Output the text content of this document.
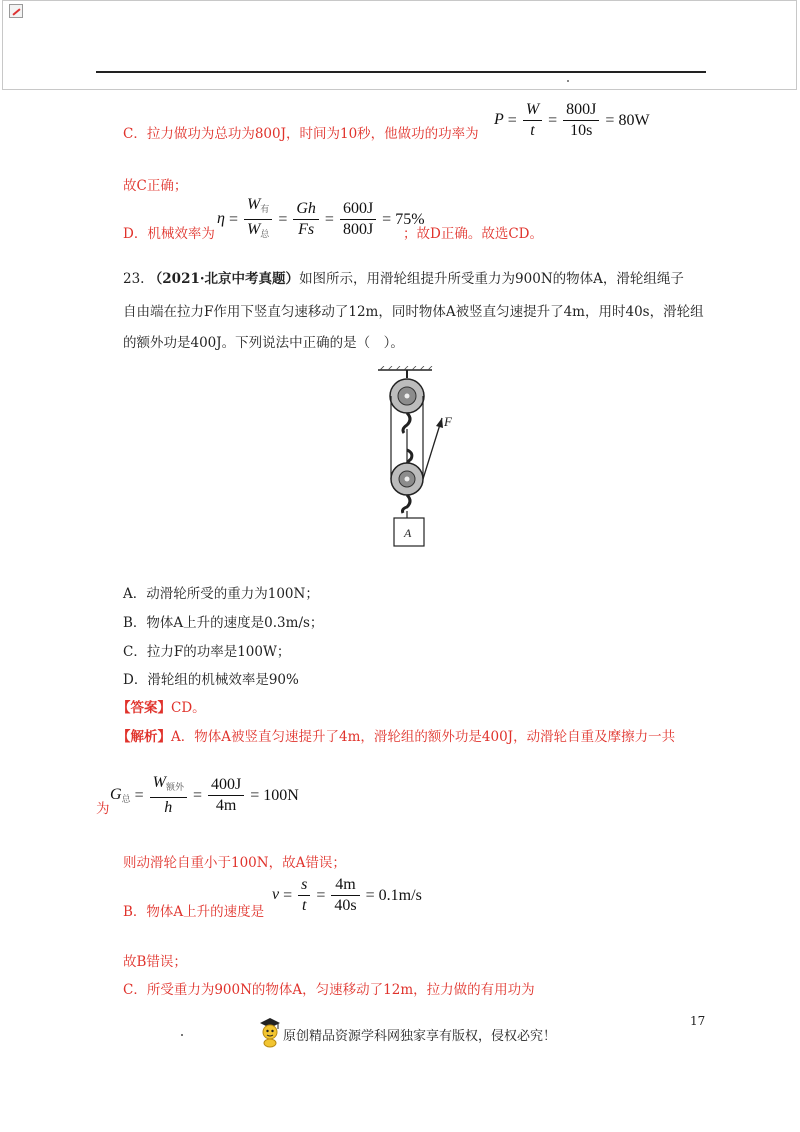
C．拉力做功为总功为800J，时间为10秒，他做功的功率为
$P = \frac{W}{t} = \frac{800J}{10s} = 80W$
故C正确；
D．机械效率为
$\eta = \frac{W_有}{W_总} = \frac{Gh}{Fs} = \frac{600J}{800J} = 75\%$
；故D正确。故选CD。
23. （2021·北京中考真题）如图所示，用滑轮组提升所受重力为900N的物体A，滑轮组绳子
自由端在拉力F作用下竖直匀速移动了12m，同时物体A被竖直匀速提升了4m，用时40s，滑轮组
的额外功是400J。下列说法中正确的是（　）。
F
A
A．动滑轮所受的重力为100N；
B．物体A上升的速度是0.3m/s；
C．拉力F的功率是100W；
D．滑轮组的机械效率是90%
【答案】CD。
【解析】A．物体A被竖直匀速提升了4m，滑轮组的额外功是400J，动滑轮自重及摩擦力一共
为
$G_总 = \frac{W_{额外}}{h} = \frac{400J}{4m} = 100N$
则动滑轮自重小于100N，故A错误；
B．物体A上升的速度是
$v = \frac{s}{t} = \frac{4m}{40s} = 0.1m/s$
故B错误；
C．所受重力为900N的物体A，匀速移动了12m，拉力做的有用功为
17
原创精品资源学科网独家享有版权，侵权必究！
